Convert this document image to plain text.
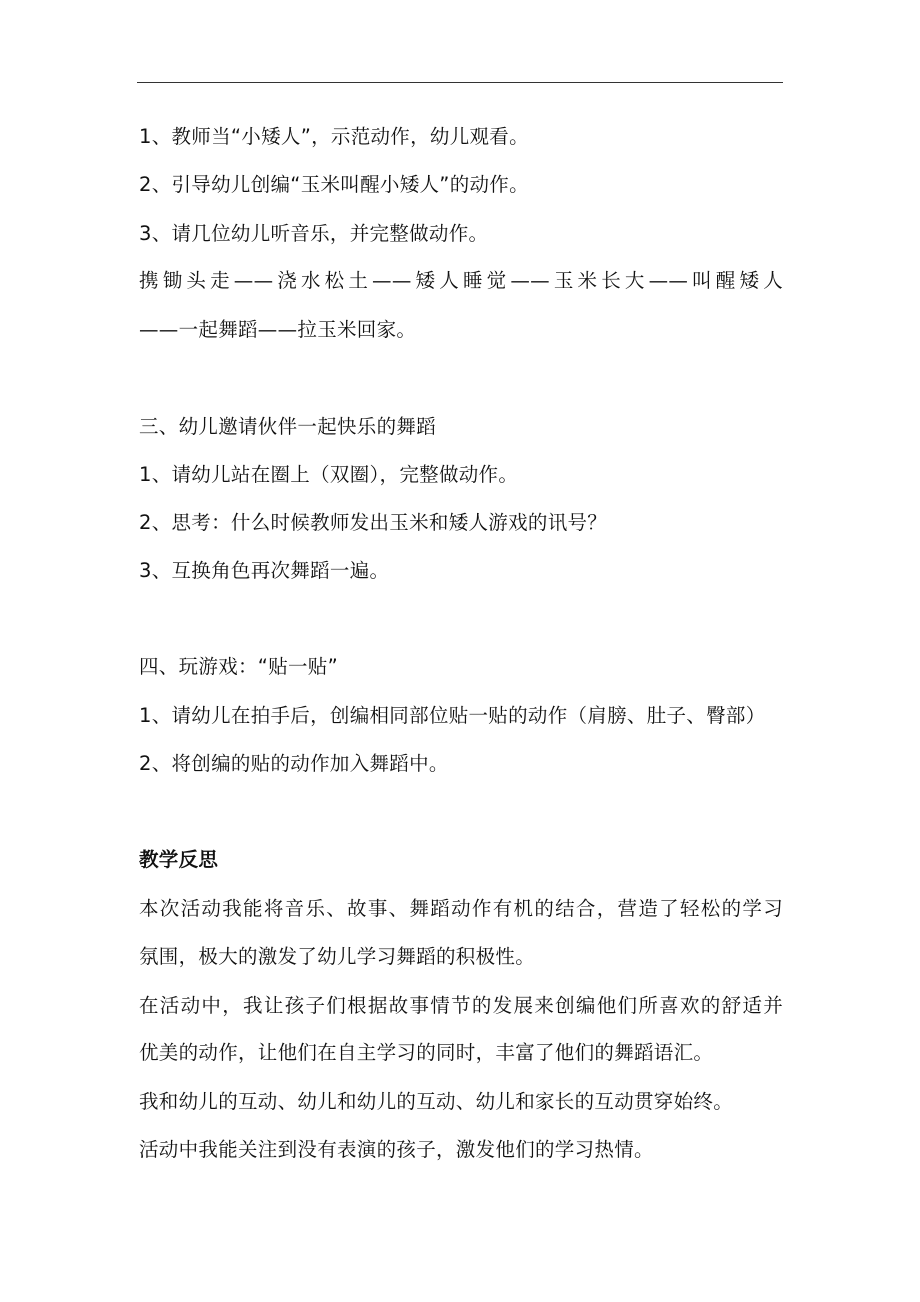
1、教师当“小矮人”，示范动作，幼儿观看。
2、引导幼儿创编“玉米叫醒小矮人”的动作。
3、请几位幼儿听音乐，并完整做动作。
携锄头走——浇水松土——矮人睡觉——玉米长大——叫醒矮人
——一起舞蹈——拉玉米回家。
三、幼儿邀请伙伴一起快乐的舞蹈
1、请幼儿站在圈上（双圈），完整做动作。
2、思考：什么时候教师发出玉米和矮人游戏的讯号？
3、互换角色再次舞蹈一遍。
四、玩游戏：“贴一贴”
1、请幼儿在拍手后，创编相同部位贴一贴的动作（肩膀、肚子、臀部）
2、将创编的贴的动作加入舞蹈中。
教学反思
本次活动我能将音乐、故事、舞蹈动作有机的结合，营造了轻松的学习
氛围，极大的激发了幼儿学习舞蹈的积极性。
在活动中，我让孩子们根据故事情节的发展来创编他们所喜欢的舒适并
优美的动作，让他们在自主学习的同时，丰富了他们的舞蹈语汇。
我和幼儿的互动、幼儿和幼儿的互动、幼儿和家长的互动贯穿始终。
活动中我能关注到没有表演的孩子，激发他们的学习热情。
